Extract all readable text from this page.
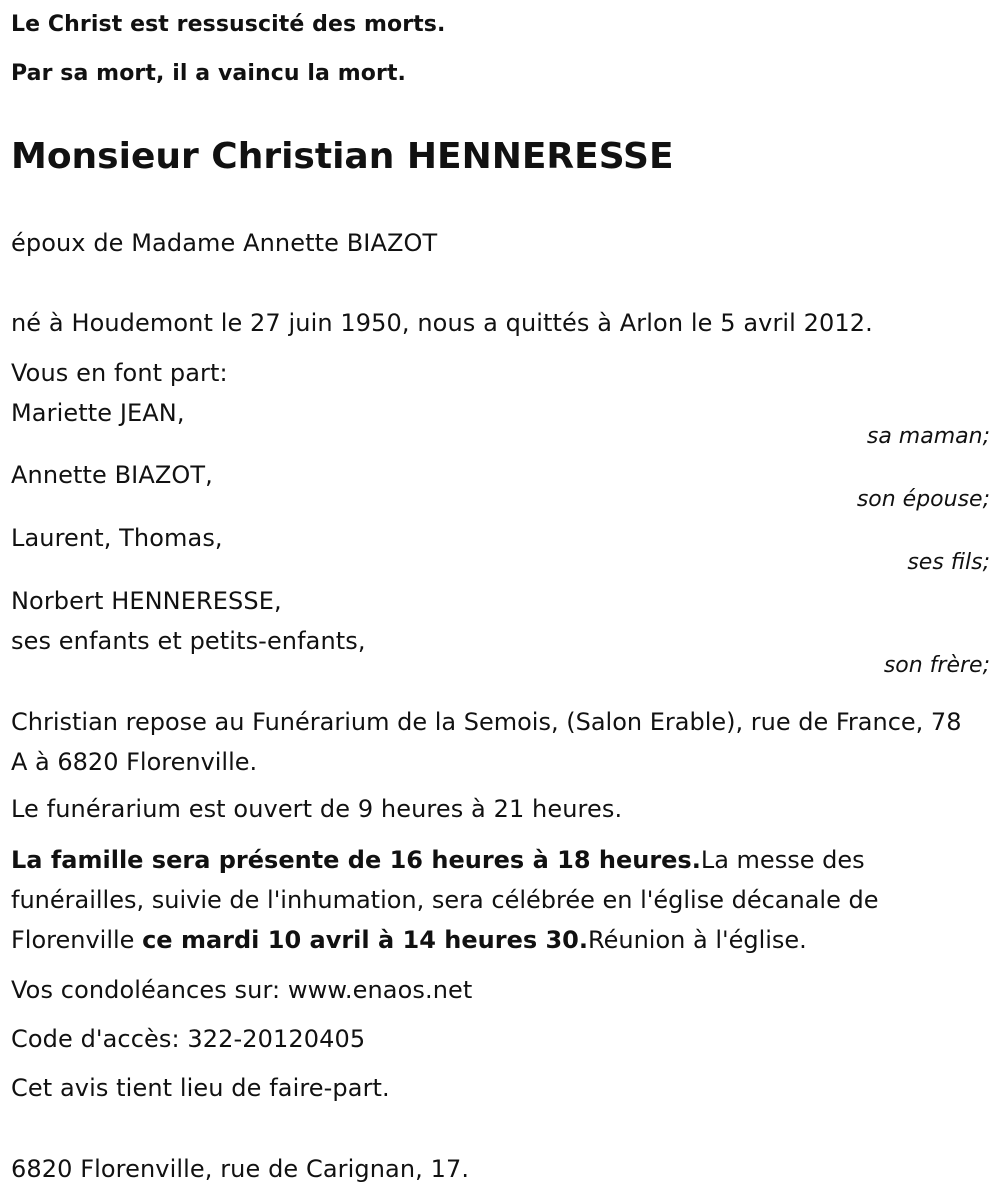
Le Christ est ressuscité des morts.
Par sa mort, il a vaincu la mort.
Monsieur Christian HENNERESSE
époux de Madame Annette BIAZOT
né à Houdemont le 27 juin 1950, nous a quittés à Arlon le 5 avril 2012.
Vous en font part:
Mariette JEAN,
sa maman;
Annette BIAZOT,
son épouse;
Laurent, Thomas,
ses fils;
Norbert HENNERESSE,
ses enfants et petits-enfants,
son frère;
Christian repose au Funérarium de la Semois, (Salon Erable), rue de France, 78 A à 6820 Florenville.
Le funérarium est ouvert de 9 heures à 21 heures.
La famille sera présente de 16 heures à 18 heures.La messe des funérailles, suivie de l'inhumation, sera célébrée en l'église décanale de Florenville ce mardi 10 avril à 14 heures 30.Réunion à l'église.
Vos condoléances sur: www.enaos.net
Code d'accès: 322-20120405
Cet avis tient lieu de faire-part.
6820 Florenville, rue de Carignan, 17.
